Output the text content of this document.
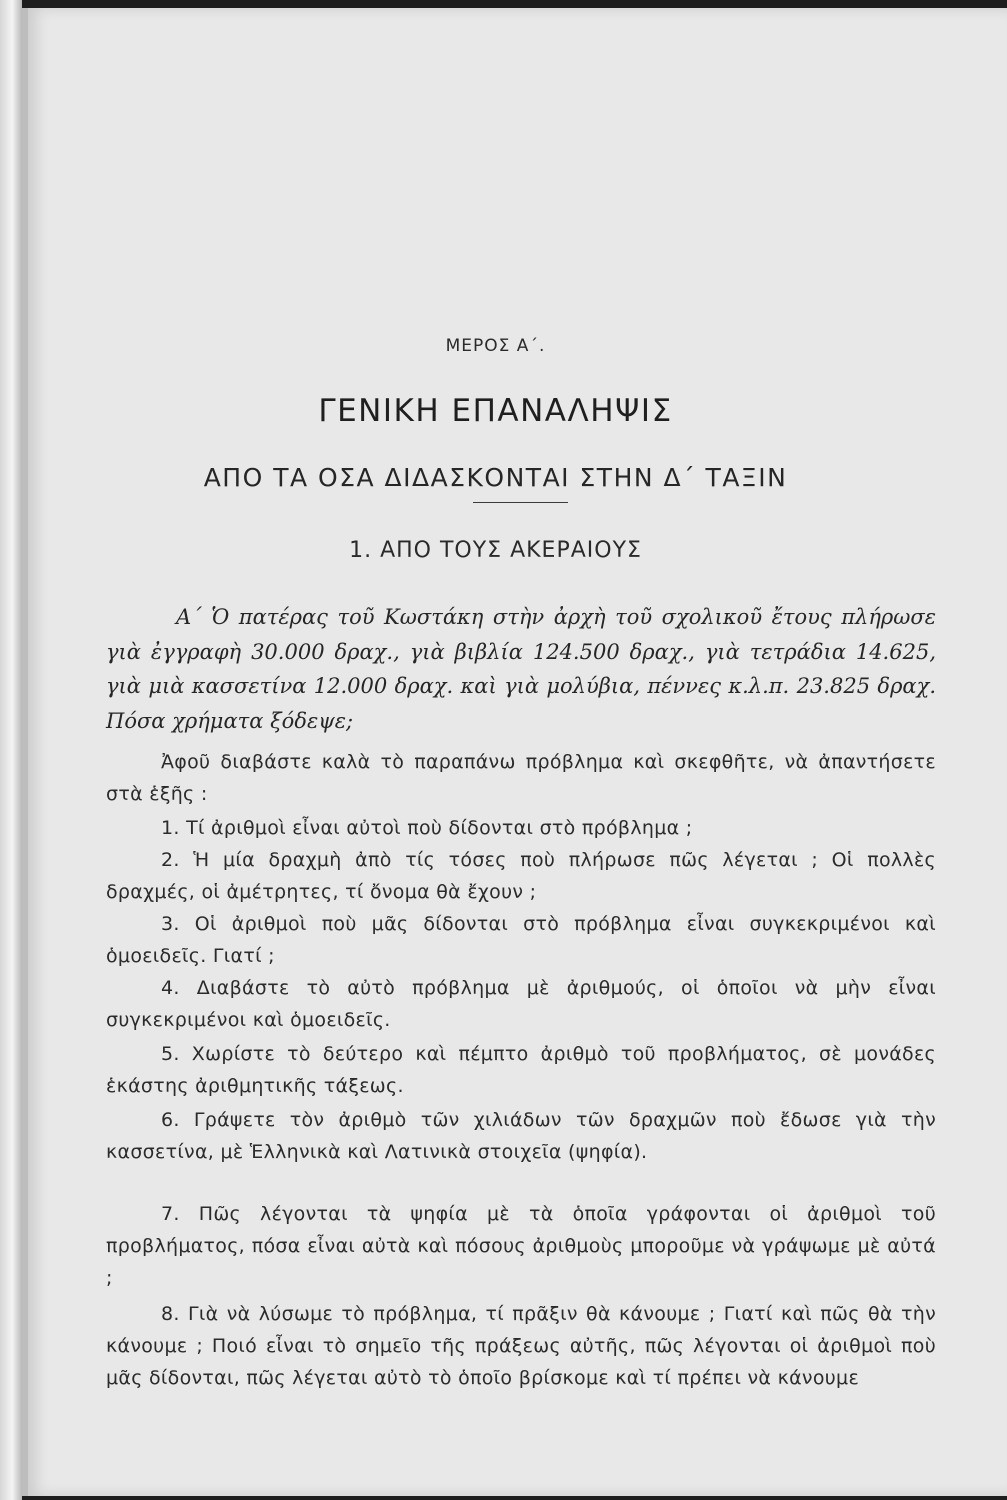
ΜΕΡΟΣ Α΄.
ΓΕΝΙΚΗ ΕΠΑΝΑΛΗΨΙΣ
ΑΠΟ ΤΑ ΟΣΑ ΔΙΔΑΣΚΟΝΤΑΙ ΣΤΗΝ Δ΄ ΤΑΞΙΝ
1. ΑΠΟ ΤΟΥΣ ΑΚΕΡΑΙΟΥΣ
Α΄ Ὁ πατέρας τοῦ Κωστάκη στὴν ἀρχὴ τοῦ σχολικοῦ ἔτους πλήρωσε γιὰ ἐγγραφὴ 30.000 δραχ., γιὰ βιβλία 124.500 δραχ., γιὰ τετράδια 14.625, γιὰ μιὰ κασσετίνα 12.000 δραχ. καὶ γιὰ μολύβια, πέννες κ.λ.π. 23.825 δραχ. Πόσα χρήματα ξόδεψε;
Ἀφοῦ διαβάστε καλὰ τὸ παραπάνω πρόβλημα καὶ σκεφθῆτε, νὰ ἀπαντήσετε στὰ ἑξῆς :
1. Τί ἀριθμοὶ εἶναι αὐτοὶ ποὺ δίδονται στὸ πρόβλημα ;
2. Ἡ μία δραχμὴ ἀπὸ τίς τόσες ποὺ πλήρωσε πῶς λέγεται ; Οἱ πολλὲς δραχμές, οἱ ἀμέτρητες, τί ὄνομα θὰ ἔχουν ;
3. Οἱ ἀριθμοὶ ποὺ μᾶς δίδονται στὸ πρόβλημα εἶναι συγκεκριμένοι καὶ ὁμοειδεῖς. Γιατί ;
4. Διαβάστε τὸ αὐτὸ πρόβλημα μὲ ἀριθμούς, οἱ ὁποῖοι νὰ μὴν εἶναι συγκεκριμένοι καὶ ὁμοειδεῖς.
5. Χωρίστε τὸ δεύτερο καὶ πέμπτο ἀριθμὸ τοῦ προβλήματος, σὲ μονάδες ἑκάστης ἀριθμητικῆς τάξεως.
6. Γράψετε τὸν ἀριθμὸ τῶν χιλιάδων τῶν δραχμῶν ποὺ ἔδωσε γιὰ τὴν κασσετίνα, μὲ Ἑλληνικὰ καὶ Λατινικὰ στοιχεῖα (ψηφία).
7. Πῶς λέγονται τὰ ψηφία μὲ τὰ ὁποῖα γράφονται οἱ ἀριθμοὶ τοῦ προβλήματος, πόσα εἶναι αὐτὰ καὶ πόσους ἀριθμοὺς μποροῦμε νὰ γράψωμε μὲ αὐτά ;
8. Γιὰ νὰ λύσωμε τὸ πρόβλημα, τί πρᾶξιν θὰ κάνουμε ; Γιατί καὶ πῶς θὰ τὴν κάνουμε ; Ποιό εἶναι τὸ σημεῖο τῆς πράξεως αὐτῆς, πῶς λέγονται οἱ ἀριθμοὶ ποὺ μᾶς δίδονται, πῶς λέγεται αὐτὸ τὸ ὁποῖο βρίσκομε καὶ τί πρέπει νὰ κάνουμε
